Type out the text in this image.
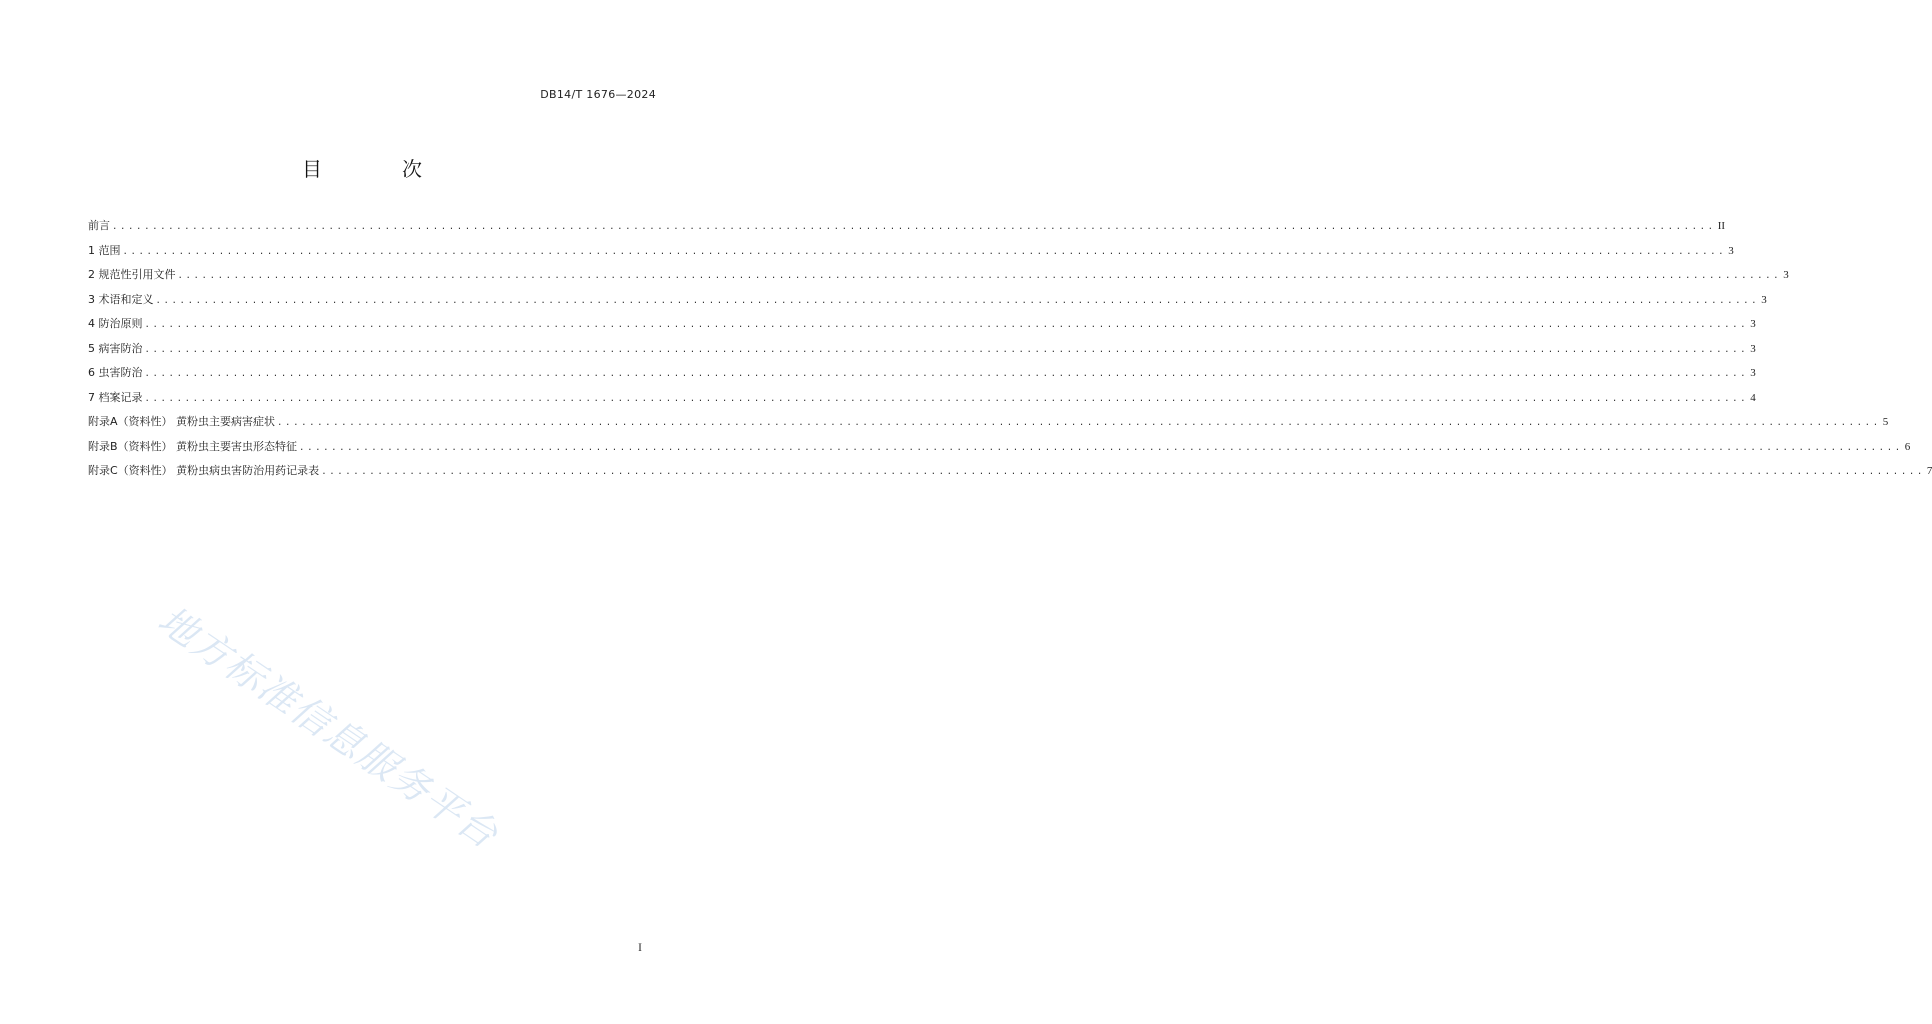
DB14/T 1676—2024
目　次
前言 ........................................................................................................................................................................................................ II
1 范围 ........................................................................................................................................................................................................ 3
2 规范性引用文件 ........................................................................................................................................................................................................ 3
3 术语和定义 ........................................................................................................................................................................................................ 3
4 防治原则 ........................................................................................................................................................................................................ 3
5 病害防治 ........................................................................................................................................................................................................ 3
6 虫害防治 ........................................................................................................................................................................................................ 3
7 档案记录 ........................................................................................................................................................................................................ 4
附录A（资料性） 黄粉虫主要病害症状 ........................................................................................................................................................................................................ 5
附录B（资料性） 黄粉虫主要害虫形态特征 ........................................................................................................................................................................................................ 6
附录C（资料性） 黄粉虫病虫害防治用药记录表 ........................................................................................................................................................................................................ 7
地方标准信息服务平台
I
